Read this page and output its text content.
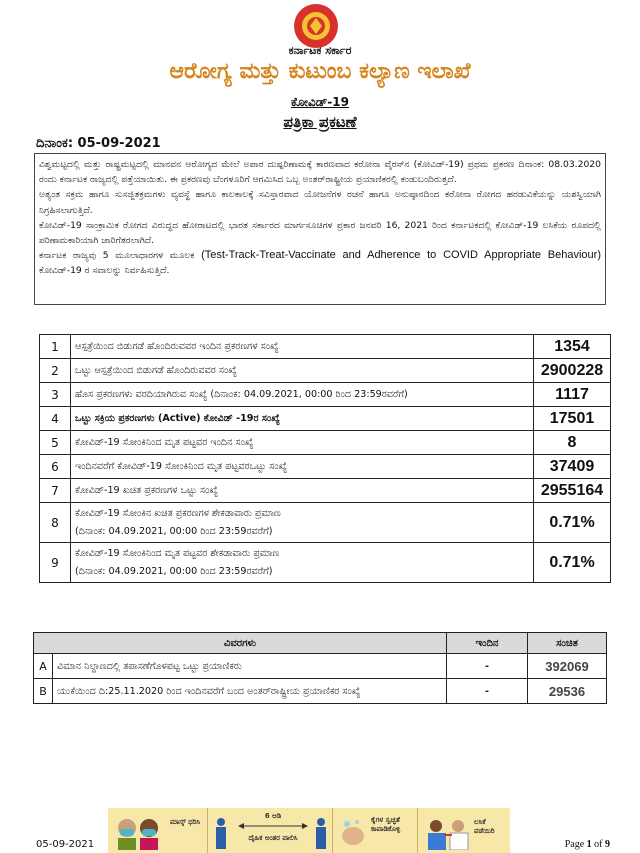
ಕರ್ನಾಟಕ ಸರ್ಕಾರ
ಆರೋಗ್ಯ ಮತ್ತು ಕುಟುಂಬ ಕಲ್ಯಾಣ ಇಲಾಖೆ
ಕೋವಿಡ್-19
ಪತ್ರಿಕಾ ಪ್ರಕಟಣೆ
ದಿನಾಂಕ: 05-09-2021

ವಿಶ್ವಮಟ್ಟದಲ್ಲಿ ಮತ್ತು ರಾಷ್ಟ್ರಮಟ್ಟದಲ್ಲಿ ಮಾನವನ ಆರೋಗ್ಯದ ಮೇಲೆ ಅಪಾರ ದುಷ್ಪರಿಣಾಮಕ್ಕೆ ಕಾರಣವಾದ ಕರೋನಾ ವೈರಸ್‌ನ (ಕೋವಿಡ್-19) ಪ್ರಥಮ ಪ್ರಕರಣ ದಿನಾಂಕ: 08.03.2020 ರಂದು ಕರ್ನಾಟಕ ರಾಜ್ಯದಲ್ಲಿ ಪತ್ತೆಯಾಯಿತು. ಈ ಪ್ರಕರಣವು ಬೆಂಗಳೂರಿಗೆ ಆಗಮಿಸಿದ ಒಬ್ಬ ಅಂತರ್‌ರಾಷ್ಟ್ರೀಯ ಪ್ರಯಾಣಿಕರಲ್ಲಿ ಕಂಡುಬಂದಿರುತ್ತದೆ.

ಅತ್ಯಂತ ಸಕ್ರಮ ಹಾಗೂ ಸುಸಜ್ಜಿತಕ್ರಮಗಳು ವ್ಯವಸ್ಥೆ ಹಾಗೂ ಕಾಲಕಾಲಕ್ಕೆ ಸವಿಸ್ತಾರವಾದ ಯೋಜನೆಗಳ ರಚನೆ ಹಾಗೂ ಅನುಷ್ಠಾನದಿಂದ ಕರೋನಾ ರೋಗದ ಹರಡುವಿಕೆಯನ್ನು ಯಶಸ್ವಿಯಾಗಿ ನಿಗ್ರಹಿಸಲಾಗುತ್ತಿದೆ.

ಕೋವಿಡ್-19 ಸಾಂಕ್ರಾಮಿಕ ರೋಗದ ವಿರುದ್ಧದ ಹೋರಾಟದಲ್ಲಿ ಭಾರತ ಸರ್ಕಾರದ ಮಾರ್ಗಸೂಚಿಗಳ ಪ್ರಕಾರ ಜನವರಿ 16, 2021 ರಿಂದ ಕರ್ನಾಟಕದಲ್ಲಿ ಕೋವಿಡ್-19 ಲಸಿಕೆಯ ರೂಪದಲ್ಲಿ ಪರಿಣಾಮಕಾರಿಯಾಗಿ ಜಾರಿಗೆತರಲಾಗಿದೆ.

ಕರ್ನಾಟಕ ರಾಜ್ಯವು 5 ಮೂಲಾಧಾರಗಳ ಮೂಲಕ (Test-Track-Treat-Vaccinate and Adherence to COVID Appropriate Behaviour) ಕೋವಿಡ್-19 ರ ಸವಾಲನ್ನು ನಿರ್ವಹಿಸುತ್ತಿದೆ.

1	ಆಸ್ಪತ್ರೆಯಿಂದ ಬಿಡುಗಡೆ ಹೊಂದಿರುವವರ ಇಂದಿನ ಪ್ರಕರಣಗಳ ಸಂಖ್ಯೆ	1354
2	ಒಟ್ಟು ಆಸ್ಪತ್ರೆಯಿಂದ ಬಿಡುಗಡೆ ಹೊಂದಿರುವವರ ಸಂಖ್ಯೆ	2900228
3	ಹೊಸ ಪ್ರಕರಣಗಳು ವರದಿಯಾಗಿರುವ ಸಂಖ್ಯೆ (ದಿನಾಂಕ: 04.09.2021, 00:00 ರಿಂದ 23:59ರವರೆಗೆ)	1117
4	ಒಟ್ಟು ಸಕ್ರಿಯ ಪ್ರಕರಣಗಳು (Active) ಕೋವಿಡ್ -19ರ ಸಂಖ್ಯೆ	17501
5	ಕೋವಿಡ್-19 ಸೋಂಕಿನಿಂದ ಮೃತ ಪಟ್ಟವರ ಇಂದಿನ ಸಂಖ್ಯೆ	8
6	ಇಂದಿನವರೆಗೆ ಕೋವಿಡ್-19 ಸೋಂಕಿನಿಂದ ಮೃತ ಪಟ್ಟವರಒಟ್ಟು ಸಂಖ್ಯೆ	37409
7	ಕೋವಿಡ್-19 ಖಚಿತ ಪ್ರಕರಣಗಳ ಒಟ್ಟು ಸಂಖ್ಯೆ	2955164
8	ಕೋವಿಡ್-19 ಸೋಂಕಿನ ಖಚಿತ ಪ್ರಕರಣಗಳ ಶೇಕಡಾವಾರು ಪ್ರಮಾಣ
(ದಿನಾಂಕ: 04.09.2021, 00:00 ರಿಂದ 23:59ರವರೆಗೆ)	0.71%
9	ಕೋವಿಡ್-19 ಸೋಂಕಿನಿಂದ ಮೃತ ಪಟ್ಟವರ ಶೇಕಡಾವಾರು ಪ್ರಮಾಣ
(ದಿನಾಂಕ: 04.09.2021, 00:00 ರಿಂದ 23:59ರವರೆಗೆ)	0.71%
ವಿವರಗಳು		ಇಂದಿನ	ಸಂಚಿತ
A	ವಿಮಾನ ನಿಲ್ದಾಣದಲ್ಲಿ ತಪಾಸಣೆಗೊಳಪಟ್ಟ ಒಟ್ಟು ಪ್ರಯಾಣಿಕರು	-	392069
B	ಯುಕೆಯಿಂದ ದಿ:25.11.2020 ರಿಂದ ಇಂದಿನವರೆಗೆ ಬಂದ ಅಂತರ್‌ರಾಷ್ಟ್ರೀಯ ಪ್ರಯಾಣಿಕರ ಸಂಖ್ಯೆ	-	29536
ಮಾಸ್ಕ್ ಧರಿಸಿ
6 ಅಡಿ
ದೈಹಿಕ ಅಂತರ ಪಾಲಿಸಿ
ಕೈಗಳ ಸ್ವಚ್ಛತೆ ಕಾಪಾಡಿಕೊಳ್ಳಿ
ಲಸಿಕೆ ಪಡೆಯಿರಿ
05-09-2021	Page 1 of 9
